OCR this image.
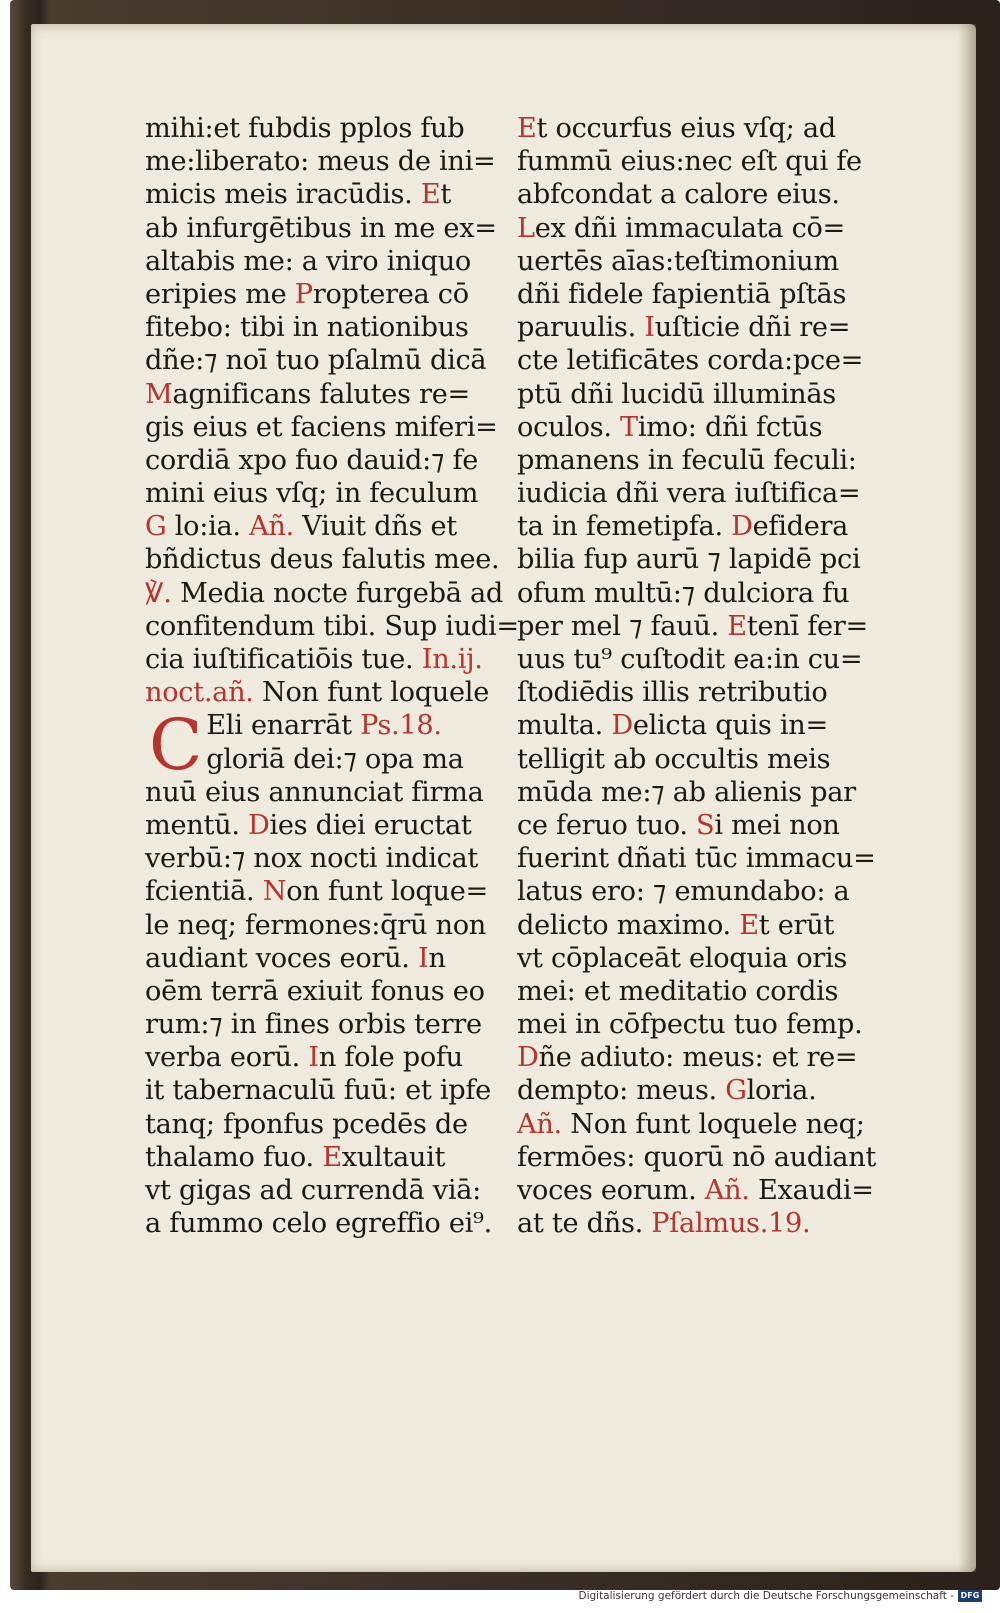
mihi:et fubdis pplos fub
me:liberato: meus de ini=
micis meis iracūdis. Et
ab infurgētibus in me ex=
altabis me: a viro iniquo
eripies me Propterea cō
fitebo: tibi in nationibus
dñe:⁊ noī tuo pſalmū dicā
Magnificans falutes re=
gis eius et faciens miferi=
cordiā xpo fuo dauid:⁊ fe
mini eius vſq; in feculum
G lo:ia. Añ. Viuit dñs et
bñdictus deus falutis mee.
℣. Media nocte furgebā ad
confitendum tibi. Sup iudi=
cia iuſtificatiōis tue. In.ij.
noct.añ. Non funt loquele
C Eli enarrāt Ps.18.
gloriā dei:⁊ opa ma
nuū eius annunciat firma
mentū. Dies diei eructat
verbū:⁊ nox nocti indicat
fcientiā. Non funt loque=
le neq; fermones:q̄rū non
audiant voces eorū. In
oēm terrā exiuit fonus eo
rum:⁊ in fines orbis terre
verba eorū. In fole pofu
it tabernaculū fuū: et ipfe
tanq; fponfus pcedēs de
thalamo fuo. Exultauit
vt gigas ad currendā viā:
a fummo celo egreffio ei⁹.
Et occurfus eius vſq; ad
fummū eius:nec eſt qui fe
abfcondat a calore eius.
Lex dñi immaculata cō=
uertēs aīas:teſtimonium
dñi fidele fapientiā pſtās
paruulis. Iuſticie dñi re=
cte letificātes corda:pce=
ptū dñi lucidū illuminās
oculos. Timo: dñi fctūs
pmanens in feculū feculi:
iudicia dñi vera iuſtifica=
ta in femetipfa. Defidera
bilia fup aurū ⁊ lapidē pci
ofum multū:⁊ dulciora fu
per mel ⁊ fauū. Etenī fer=
uus tu⁹ cuſtodit ea:in cu=
ſtodiēdis illis retributio
multa. Delicta quis in=
telligit ab occultis meis
mūda me:⁊ ab alienis par
ce feruo tuo. Si mei non
fuerint dñati tūc immacu=
latus ero: ⁊ emundabo: a
delicto maximo. Et erūt
vt cōplaceāt eloquia oris
mei: et meditatio cordis
mei in cōfpectu tuo femp.
Dñe adiuto: meus: et re=
dempto: meus. Gloria.
Añ. Non funt loquele neq;
fermōes: quorū nō audiant
voces eorum. Añ. Exaudi=
at te dñs. Pſalmus.19.
Digitalisierung gefördert durch die Deutsche Forschungsgemeinschaft - DFG
